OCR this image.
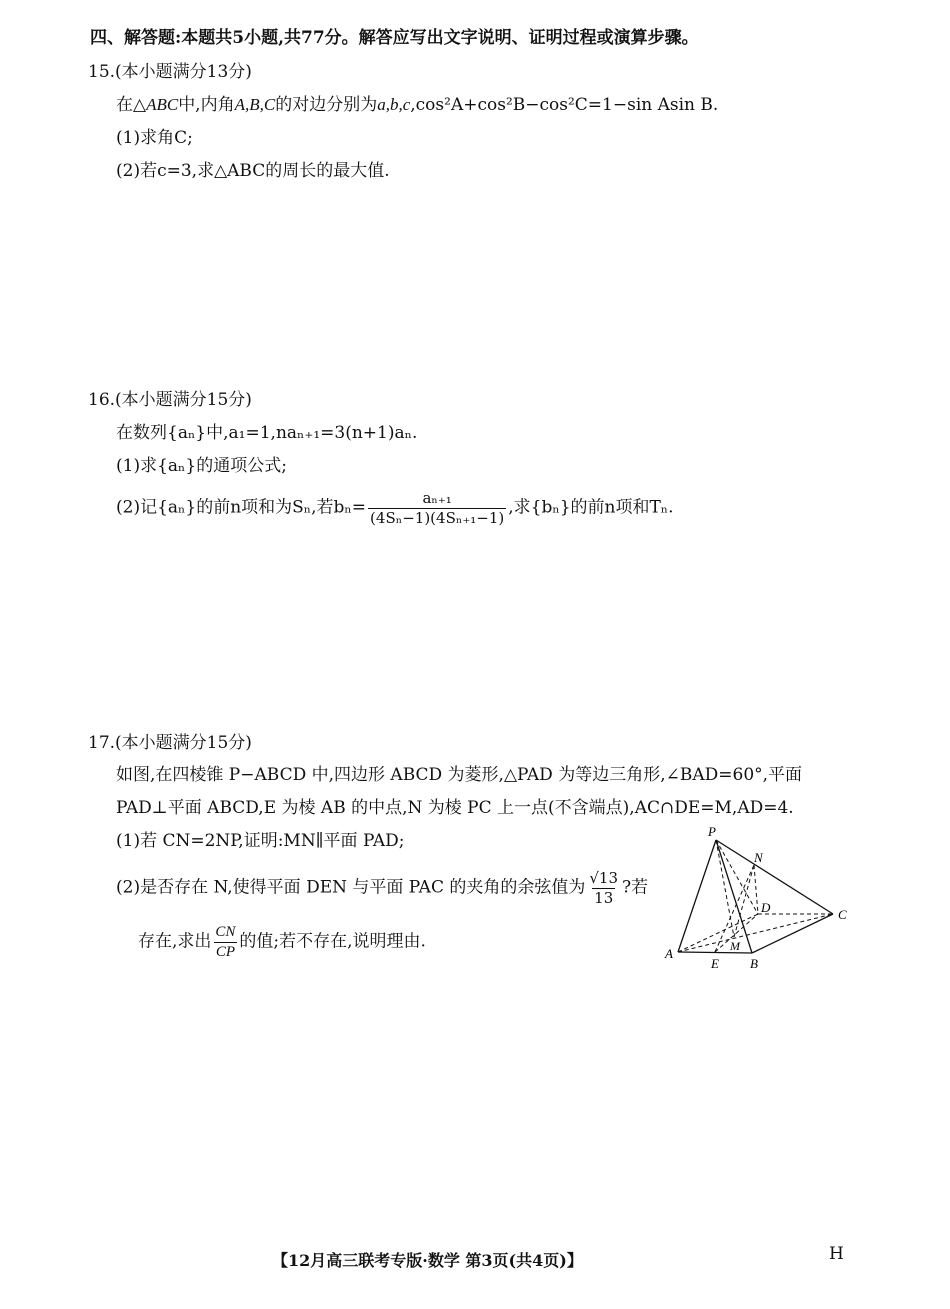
四、解答题:本题共5小题,共77分。解答应写出文字说明、证明过程或演算步骤。
15.(本小题满分13分)
在△ABC中,内角A,B,C的对边分别为a,b,c,cos²A+cos²B−cos²C=1−sin Asin B.
(1)求角C;
(2)若c=3,求△ABC的周长的最大值.
16.(本小题满分15分)
在数列{aₙ}中,a₁=1,naₙ₊₁=3(n+1)aₙ.
(1)求{aₙ}的通项公式;
(2)记{aₙ}的前n项和为Sₙ,若$b_n= \frac{\text{aₙ₊₁}}{\text{(4Sₙ−1)(4Sₙ₊₁−1)}}$ ,求{bₙ}的前n项和Tₙ.
17.(本小题满分15分)
如图,在四棱锥 P−ABCD 中,四边形 ABCD 为菱形,△PAD 为等边三角形,∠BAD=60°,平面
PAD⊥平面 ABCD,E 为棱 AB 的中点,N 为棱 PC 上一点(不含端点),AC∩DE=M,AD=4.
(1)若 CN=2NP,证明:MN∥平面 PAD;
(2)是否存在 N,使得平面 DEN 与平面 PAC 的夹角的余弦值为 $\frac{√13}{13}$ ?若
存在,求出 $\frac{CN}{CP}$ 的值;若不存在,说明理由.
P
N
D	C
M
A
E B
【12月高三联考专版·数学 第3页(共4页)】	H
